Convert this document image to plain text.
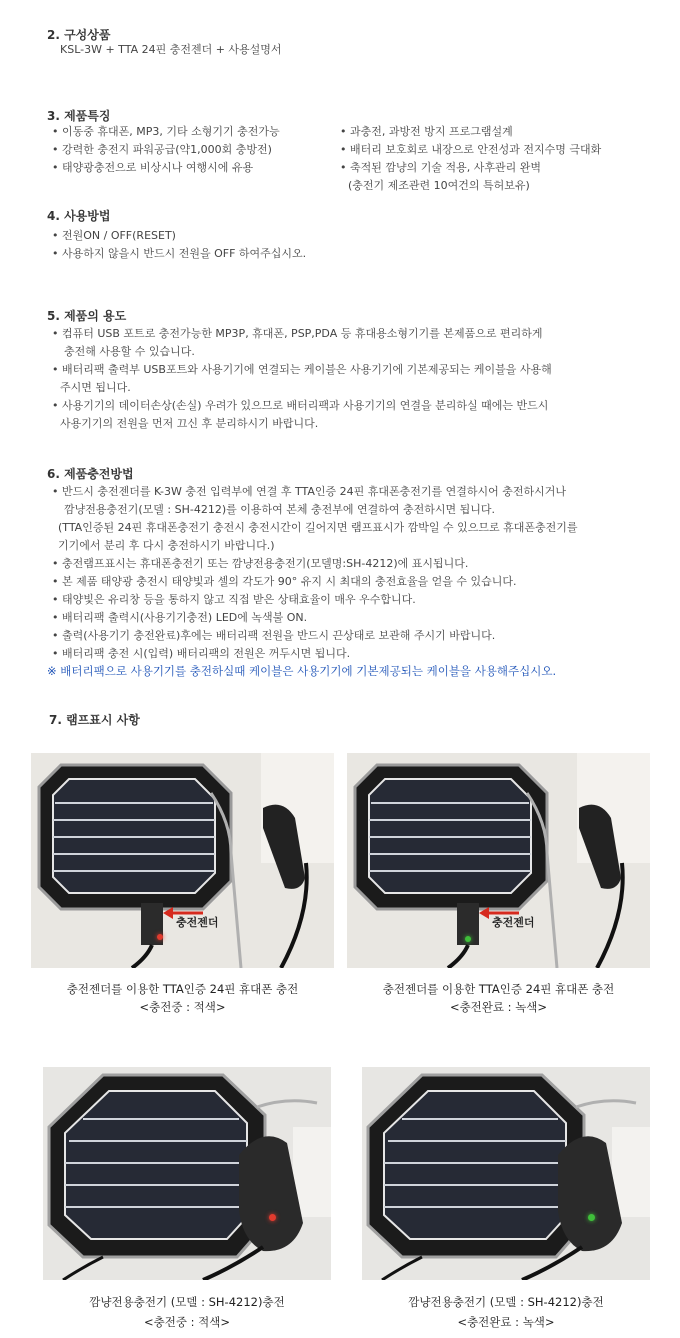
2. 구성상품
KSL-3W + TTA 24핀 충전젠더 + 사용설명서
3. 제품특징
• 이동중 휴대폰, MP3, 기타 소형기기 충전가능
• 강력한 충전지 파워공급(약1,000회 충방전)
• 태양광충전으로 비상시나 여행시에 유용
• 과충전, 과방전 방지 프로그램설계
• 배터리 보호회로 내장으로 안전성과 전지수명 극대화
• 축적된 깜냥의 기술 적용, 사후관리 완벽
(충전기 제조관련 10여건의 특허보유)
4. 사용방법
• 전원ON / OFF(RESET)
• 사용하지 않을시 반드시 전원을 OFF 하여주십시오.
5. 제품의 용도
• 컴퓨터 USB 포트로 충전가능한 MP3P, 휴대폰, PSP,PDA 등 휴대용소형기기를 본제품으로 편리하게
충전해 사용할 수 있습니다.
• 배터리팩 출력부 USB포트와 사용기기에 연결되는 케이블은 사용기기에 기본제공되는 케이블을 사용해
주시면 됩니다.
• 사용기기의 데이터손상(손실) 우려가 있으므로 배터리팩과 사용기기의 연결을 분리하실 때에는 반드시
사용기기의 전원을 먼저 끄신 후 분리하시기 바랍니다.
6. 제품충전방법
• 반드시 충전젠더를 K-3W 충전 입력부에 연결 후 TTA인증 24핀 휴대폰충전기를 연결하시어 충전하시거나
깜냥전용충전기(모델 : SH-4212)를 이용하여 본체 충전부에 연결하여 충전하시면 됩니다.
(TTA인증된 24핀 휴대폰충전기 충전시 충전시간이 길어지면 램프표시가 깜박일 수 있으므로 휴대폰충전기를
기기에서 분리 후 다시 충전하시기 바랍니다.)
• 충전램프표시는 휴대폰충전기 또는 깜냥전용충전기(모델명:SH-4212)에 표시됩니다.
• 본 제품 태양광 충전시 태양빛과 셀의 각도가 90° 유지 시 최대의 충전효율을 얻을 수 있습니다.
• 태양빛은 유리창 등을 통하지 않고 직접 받은 상태효율이 매우 우수합니다.
• 배터리팩 출력시(사용기기충전) LED에 녹색불 ON.
• 출력(사용기기 충전완료)후에는 배터리팩 전원을 반드시 끈상태로 보관해 주시기 바랍니다.
• 배터리팩 충전 시(입력) 배터리팩의 전원은 꺼두시면 됩니다.
※ 배터리팩으로 사용기기를 충전하실때 케이블은 사용기기에 기본제공되는 케이블을 사용해주십시오.
7. 램프표시 사항
충전젠더
충전젠더를 이용한 TTA인증 24핀 휴대폰 충전
<충전중 : 적색>
충전젠더
충전젠더를 이용한 TTA인증 24핀 휴대폰 충전
<충전완료 : 녹색>
깜냥전용충전기 (모델 : SH-4212)충전
<충전중 : 적색>
깜냥전용충전기 (모델 : SH-4212)충전
<충전완료 : 녹색>
